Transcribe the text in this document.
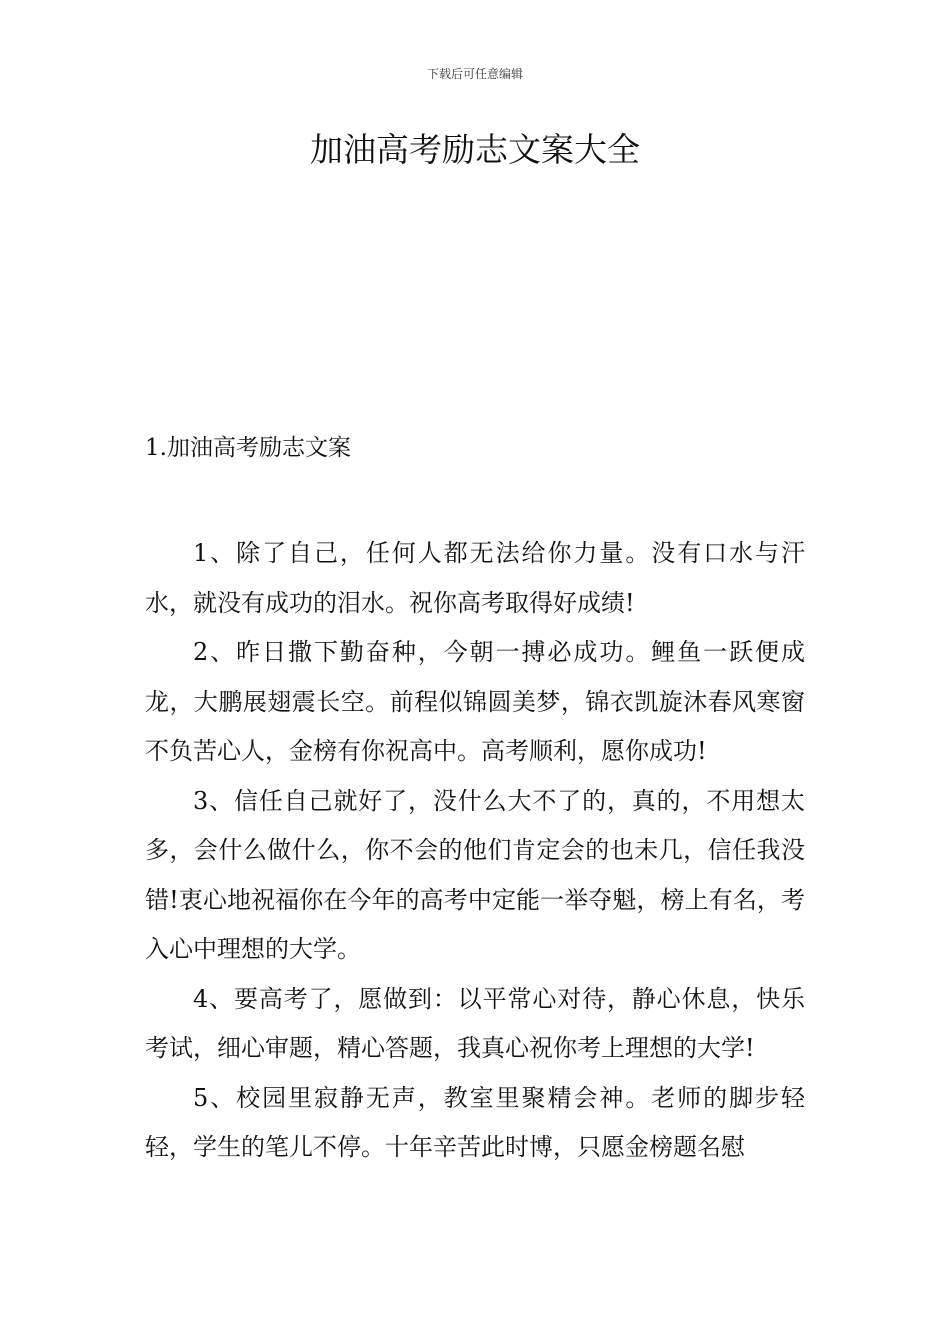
下载后可任意编辑
加油高考励志文案大全
1.加油高考励志文案

1、除了自己，任何人都无法给你力量。没有口水与汗水，就没有成功的泪水。祝你高考取得好成绩!

2、昨日撒下勤奋种，今朝一搏必成功。鲤鱼一跃便成龙，大鹏展翅震长空。前程似锦圆美梦，锦衣凯旋沐春风寒窗不负苦心人，金榜有你祝高中。高考顺利，愿你成功!

3、信任自己就好了，没什么大不了的，真的，不用想太多，会什么做什么，你不会的他们肯定会的也未几，信任我没错!衷心地祝福你在今年的高考中定能一举夺魁，榜上有名，考入心中理想的大学。

4、要高考了，愿做到：以平常心对待，静心休息，快乐考试，细心审题，精心答题，我真心祝你考上理想的大学!

5、校园里寂静无声，教室里聚精会神。老师的脚步轻轻，学生的笔儿不停。十年辛苦此时博，只愿金榜题名慰
